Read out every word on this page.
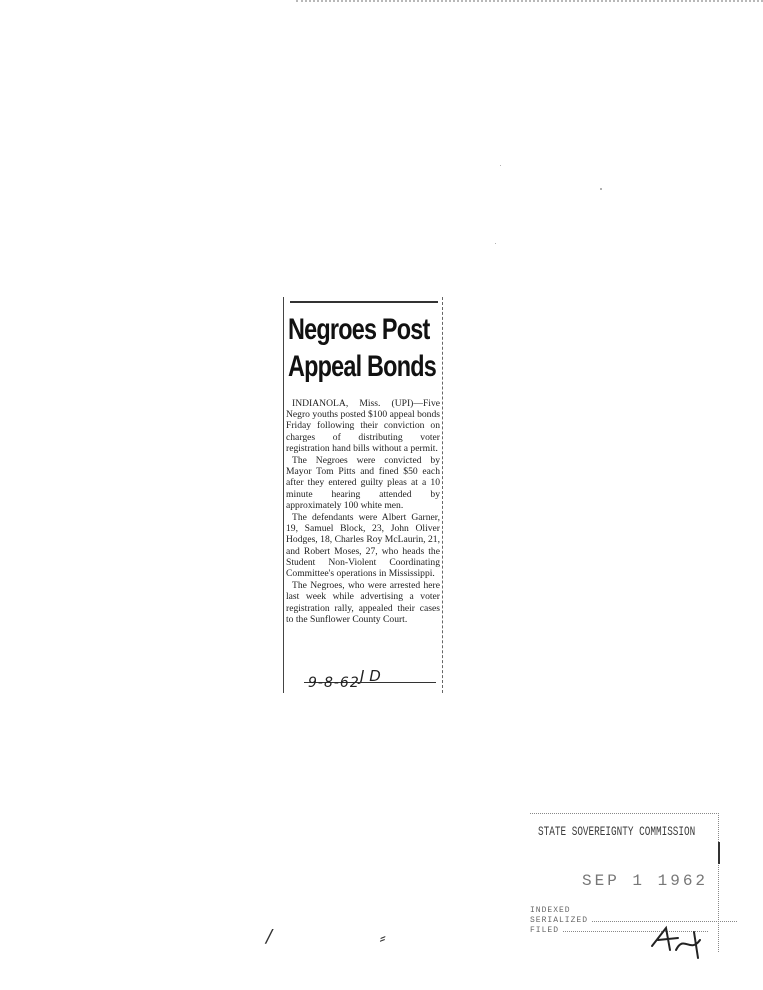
Negroes Post
Appeal Bonds

INDIANOLA, Miss. (UPI)—Five Negro youths posted $100 appeal bonds Friday following their conviction on charges of distributing voter registration hand bills without a permit.

The Negroes were convicted by Mayor Tom Pitts and fined $50 each after they entered guilty pleas at a 10 minute hearing attended by approximately 100 white men.

The defendants were Albert Garner, 19, Samuel Block, 23, John Oliver Hodges, 18, Charles Roy McLaurin, 21, and Robert Moses, 27, who heads the Student Non-Violent Coordinating Committee's operations in Mississippi.

The Negroes, who were arrested here last week while advertising a voter registration rally, appealed their cases to the Sunflower County Court.

J D
9-8-62
STATE SOVEREIGNTY COMMISSION
SEP 1 1962
INDEXED
SERIALIZED
FILED
/	⸗
